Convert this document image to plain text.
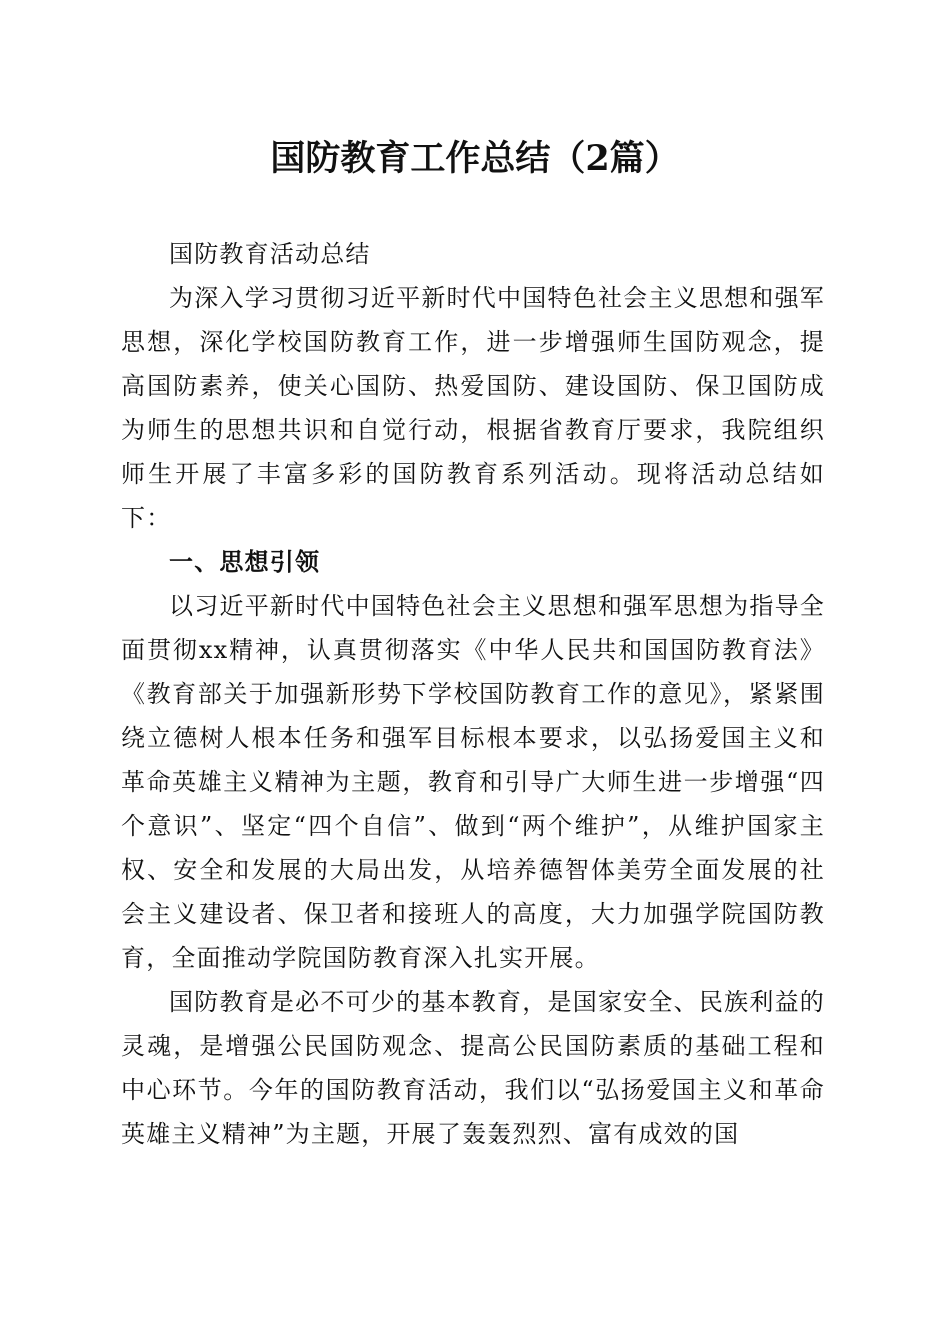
国防教育工作总结（2篇）

国防教育活动总结

为深入学习贯彻习近平新时代中国特色社会主义思想和强军思想，深化学校国防教育工作，进一步增强师生国防观念，提高国防素养，使关心国防、热爱国防、建设国防、保卫国防成为师生的思想共识和自觉行动，根据省教育厅要求，我院组织师生开展了丰富多彩的国防教育系列活动。现将活动总结如下：

一、思想引领

以习近平新时代中国特色社会主义思想和强军思想为指导全面贯彻xx精神，认真贯彻落实《中华人民共和国国防教育法》《教育部关于加强新形势下学校国防教育工作的意见》，紧紧围绕立德树人根本任务和强军目标根本要求，以弘扬爱国主义和革命英雄主义精神为主题，教育和引导广大师生进一步增强“四个意识”、坚定“四个自信”、做到“两个维护”，从维护国家主权、安全和发展的大局出发，从培养德智体美劳全面发展的社会主义建设者、保卫者和接班人的高度，大力加强学院国防教育，全面推动学院国防教育深入扎实开展。

国防教育是必不可少的基本教育，是国家安全、民族利益的灵魂，是增强公民国防观念、提高公民国防素质的基础工程和中心环节。今年的国防教育活动，我们以“弘扬爱国主义和革命英雄主义精神”为主题，开展了轰轰烈烈、富有成效的国
